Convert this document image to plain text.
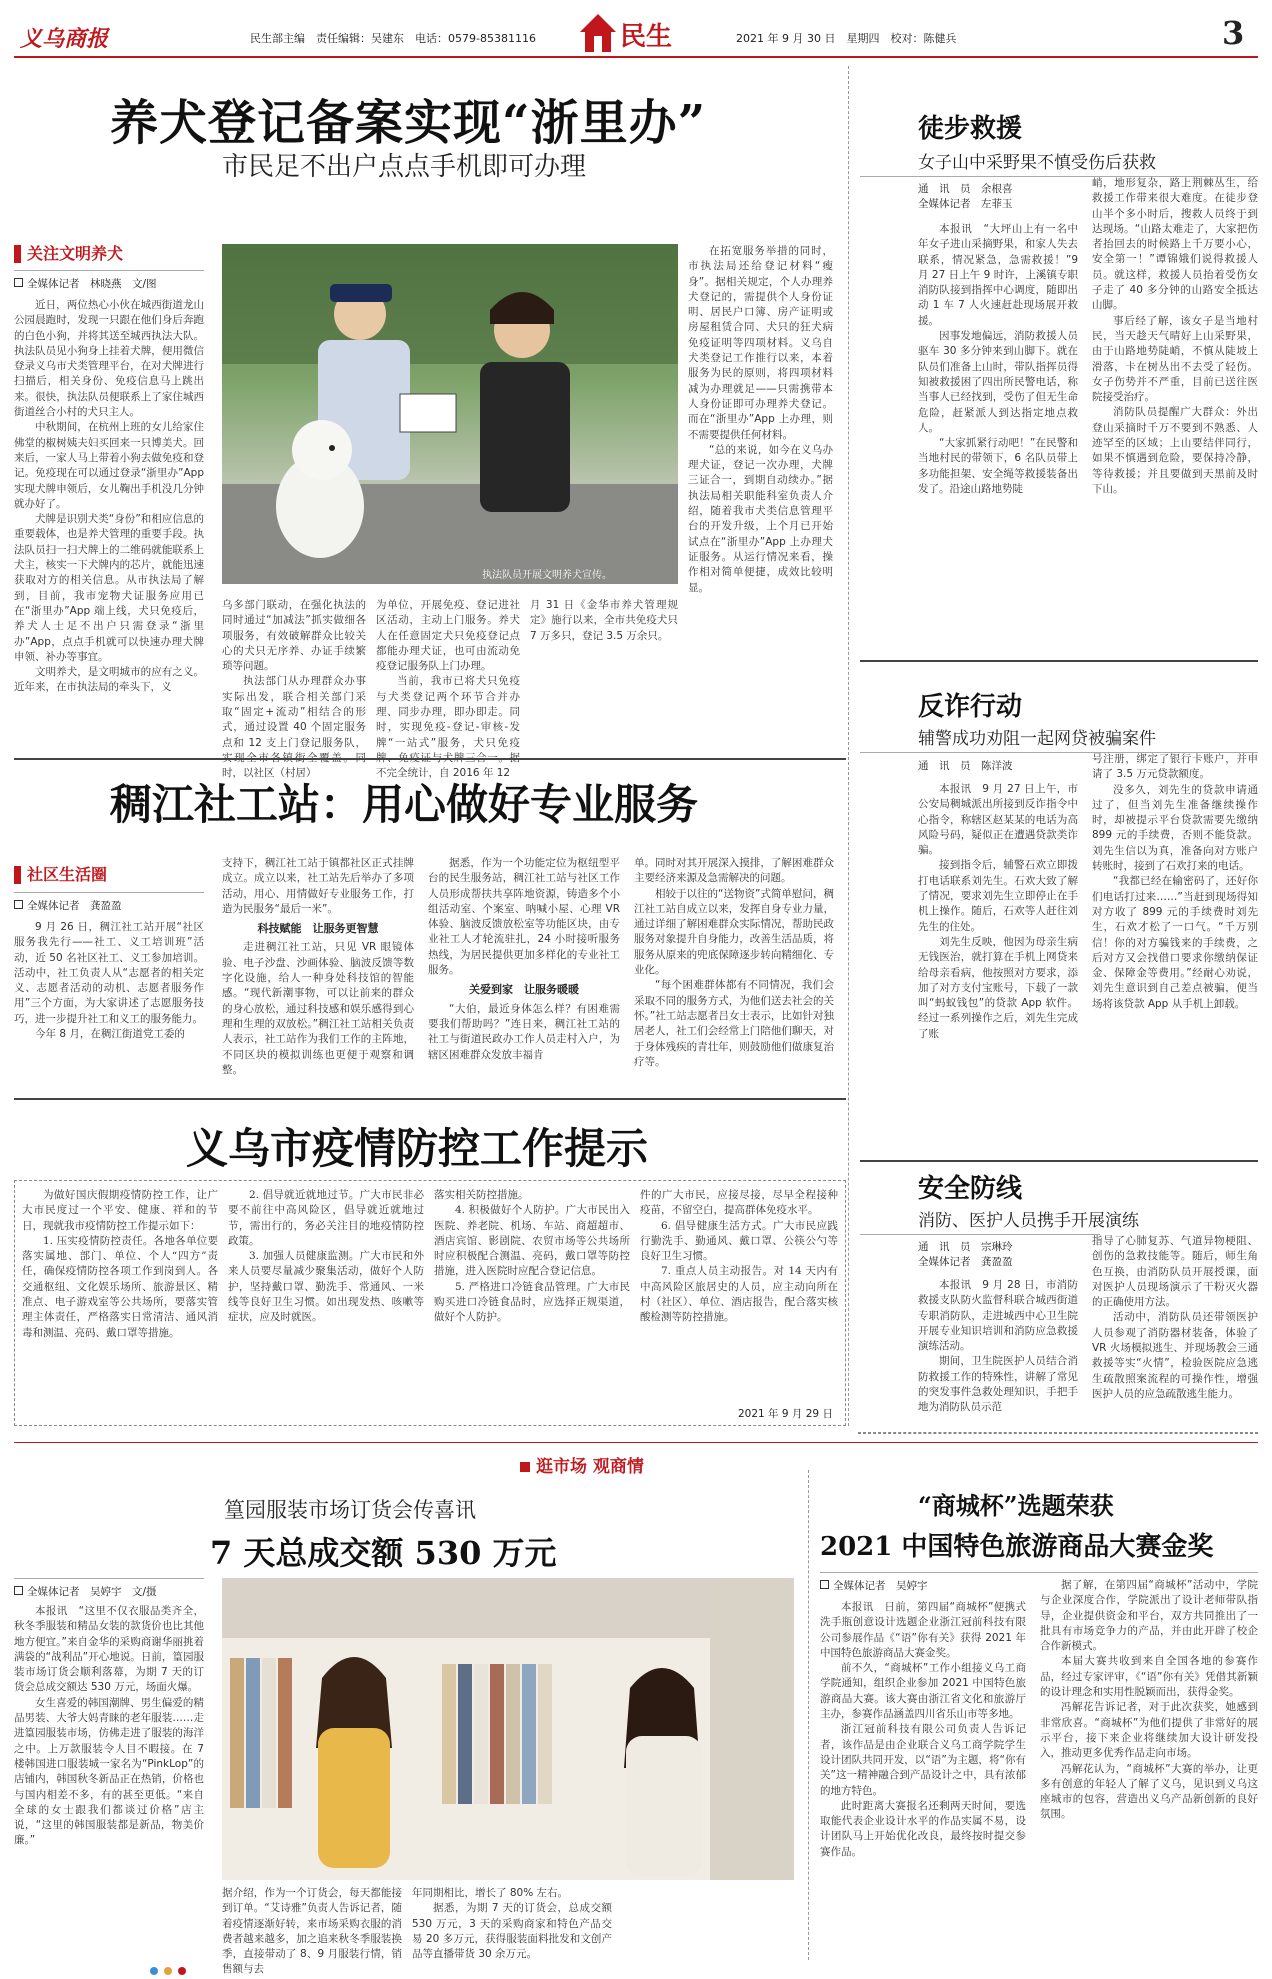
义乌商报	民生部主编　责任编辑：吴建东　电话：0579-85381116	民生	2021 年 9 月 30 日　星期四　校对：陈健兵	3
养犬登记备案实现“浙里办”
市民足不出户点点手机即可办理
关注文明养犬
全媒体记者　林晓燕　文/图

近日，两位热心小伙在城西街道龙山公园晨跑时，发现一只跟在他们身后奔跑的白色小狗，并将其送至城西执法大队。执法队员见小狗身上挂着犬牌，便用微信登录义乌市犬类管理平台，在对犬牌进行扫描后，相关身份、免疫信息马上跳出来。很快，执法队员便联系上了家住城西街道丝合小村的犬只主人。

中秋期间，在杭州上班的女儿给家住佛堂的椒树姨夫妇买回来一只博美犬。回来后，一家人马上带着小狗去做免疫和登记。免疫现在可以通过登录“浙里办”App 实现犬牌申领后，女儿鞠出手机没几分钟就办好了。

犬牌是识别犬类“身份”和相应信息的重要载体，也是养犬管理的重要手段。执法队员扫一扫犬牌上的二维码就能联系上犬主，核实一下犬牌内的芯片，就能迅速获取对方的相关信息。从市执法局了解到，目前，我市宠物犬证服务应用已在“浙里办”App 端上线，犬只免疫后，养犬人士足不出户只需登录“浙里办”App，点点手机就可以快速办理犬牌申领、补办等事宜。

文明养犬，是文明城市的应有之义。近年来，在市执法局的牵头下，义

执法队员开展文明养犬宣传。

乌多部门联动，在强化执法的同时通过“加减法”抓实做细各项服务，有效破解群众比较关心的犬只无序养、办证手续繁琐等问题。

执法部门从办理群众办事实际出发，联合相关部门采取“固定+流动”相结合的形式，通过设置 40 个固定服务点和 12 支上门登记服务队，实现全市各镇街全覆盖。同时，以社区（村居）

为单位，开展免疫、登记进社区活动，主动上门服务。养犬人在任意固定犬只免疫登记点都能办理犬证，也可由流动免疫登记服务队上门办理。

当前，我市已将犬只免疫与犬类登记两个环节合并办理、同步办理，即办即走。同时，实现免疫-登记-审核-发牌“一站式”服务，犬只免疫牌、免疫证与犬牌三合一。据不完全统计，自 2016 年 12

月 31 日《金华市养犬管理规定》施行以来，全市共免疫犬只 7 万多只，登记 3.5 万余只。

在拓宽服务举措的同时，市执法局还给登记材料“瘦身”。据相关规定，个人办理养犬登记的，需提供个人身份证明、居民户口簿、房产证明或房屋租赁合同、犬只的狂犬病免疫证明等四项材料。义乌自犬类登记工作推行以来，本着服务为民的原则，将四项材料减为办理就足——只需携带本人身份证即可办理养犬登记。而在“浙里办”App 上办理，则不需要提供任何材料。

“总的来说，如今在义乌办理犬证，登记一次办理，犬牌三证合一，到期自动续办。”据执法局相关职能科室负责人介绍，随着我市犬类信息管理平台的开发升级，上个月已开始试点在“浙里办”App 上办理犬证服务。从运行情况来看，操作相对简单便捷，成效比较明显。

徒步救援
女子山中采野果不慎受伤后获救
通　讯　员　余根喜
全媒体记者　左菲玉

本报讯　“大坪山上有一名中年女子进山采摘野果，和家人失去联系，情况紧急，急需救援！”9 月 27 日上午 9 时许，上溪镇专职消防队接到指挥中心调度，随即出动 1 车 7 人火速赶赴现场展开救援。

因事发地偏远，消防救援人员驱车 30 多分钟来到山脚下。就在队员们准备上山时，带队指挥员得知被救援困了四出所民警电话，称当事人已经找到，受伤了但无生命危险，赶紧派人到达指定地点救人。

“大家抓紧行动吧！”在民警和当地村民的带领下，6 名队员带上多功能担架、安全绳等救援装备出发了。沿途山路地势陡

峭，地形复杂，路上荆棘丛生，给救援工作带来很大难度。在徒步登山半个多小时后，搜救人员终于到达现场。“山路太难走了，大家把伤者抬回去的时候路上千万要小心，安全第一！”谭锦娥们说得救援人员。就这样，救援人员抬着受伤女子走了 40 多分钟的山路安全抵达山脚。

事后经了解，该女子是当地村民，当天趁天气晴好上山采野果，由于山路地势陡峭，不慎从陡坡上滑落，卡在树丛出不去受了轻伤。女子伤势并不严重，目前已送往医院接受治疗。

消防队员提醒广大群众：外出登山采摘时千万不要到不熟悉、人迹罕至的区域；上山要结伴同行，如果不慎遇到危险，要保持冷静，等待救援；并且要做到天黑前及时下山。

反诈行动
辅警成功劝阻一起网贷被骗案件
通　讯　员　陈洋波

本报讯　9 月 27 日上午，市公安局稠城派出所接到反诈指令中心指令，称辖区赵某某的电话为高风险号码，疑似正在遭遇贷款类诈骗。

接到指令后，辅警石欢立即拨打电话联系刘先生。石欢大致了解了情况，要求刘先生立即停止在手机上操作。随后，石欢等人赶往刘先生的住处。

刘先生反映，他因为母亲生病无钱医治，就打算在手机上网贷来给母亲看病，他按照对方要求，添加了对方支付宝账号，下载了一款叫“蚂蚁钱包”的贷款 App 软件。经过一系列操作之后，刘先生完成了账

号注册，绑定了银行卡账户，并申请了 3.5 万元贷款额度。

没多久，刘先生的贷款申请通过了，但当刘先生准备继续操作时，却被提示平台贷款需要先缴纳 899 元的手续费，否则不能贷款。刘先生信以为真，准备向对方账户转账时，接到了石欢打来的电话。

“我都已经在输密码了，还好你们电话打过来……”当赶到现场得知对方收了 899 元的手续费时刘先生，石欢才松了一口气。“千万别信！你的对方骗钱来的手续费，之后对方又会找借口要求你缴纳保证金、保障金等费用。”经耐心劝说，刘先生意识到自己差点被骗，便当场将该贷款 App 从手机上卸载。

安全防线
消防、医护人员携手开展演练
通　讯　员　宗琳玲
全媒体记者　龚盈盈

本报讯　9 月 28 日，市消防救援支队防火监督科联合城西街道专职消防队，走进城西中心卫生院开展专业知识培训和消防应急救援演练活动。

期间，卫生院医护人员结合消防救援工作的特殊性，讲解了常见的突发事件急救处理知识，手把手地为消防队员示范

指导了心肺复苏、气道异物梗阻、创伤的急救技能等。随后，师生角色互换，由消防队员开展授课，面对医护人员现场演示了干粉灭火器的正确使用方法。

活动中，消防队员还带领医护人员参观了消防器材装备，体验了 VR 火场模拟逃生、并现场教会三通救援等实“火情”，检验医院应急逃生疏散照案流程的可操作性，增强医护人员的应急疏散逃生能力。

稠江社工站：用心做好专业服务
社区生活圈
全媒体记者　龚盈盈

9 月 26 日，稠江社工站开展“社区服务我先行——社工、义工培训班”活动，近 50 名社区社工、义工参加培训。活动中，社工负责人从“志愿者的相关定义、志愿者活动的动机、志愿者服务作用”三个方面，为大家讲述了志愿服务技巧，进一步提升社工和义工的服务能力。

今年 8 月，在稠江街道党工委的

支持下，稠江社工站于镇都社区正式挂牌成立。成立以来，社工站先后举办了多项活动，用心、用情做好专业服务工作，打造为民服务“最后一米”。

科技赋能　让服务更智慧

走进稠江社工站，只见 VR 眼镜体验、电子沙盘、沙画体验、脑波反馈等数字化设施，给人一种身处科技馆的智能感。“现代新潮事物，可以让前来的群众的身心放松，通过科技感和娱乐感得到心理和生理的双放松。”稠江社工站相关负责人表示，社工站作为我们工作的主阵地，不同区块的模拟训练也更便于观察和调整。

据悉，作为一个功能定位为枢纽型平台的民生服务站，稠江社工站与社区工作人员形成帮扶共享阵地资源，铸造多个小组活动室、个案室、呐喊小屋、心理 VR 体验、脑波反馈放松室等功能区块，由专业社工人才轮流驻扎，24 小时接听服务热线，为居民提供更加多样化的专业社工服务。

关爱到家　让服务暖暖

“大伯，最近身体怎么样？有困难需要我们帮助吗？”连日来，稠江社工站的社工与街道民政办工作人员走村入户，为辖区困难群众发放丰福肯

单。同时对其开展深入摸排，了解困难群众主要经济来源及急需解决的问题。

相较于以往的“送物资”式简单慰问，稠江社工站自成立以来，发挥自身专业力量，通过详细了解困难群众实际情况，帮助民政服务对象提升自身能力，改善生活品质，将服务从原来的兜底保障逐步转向精细化、专业化。

“每个困难群体都有不同情况，我们会采取不同的服务方式，为他们送去社会的关怀。”社工站志愿者吕女士表示，比如针对独居老人，社工们会经常上门陪他们聊天，对于身体残疾的青壮年，则鼓励他们做康复治疗等。

义乌市疫情防控工作提示

为做好国庆假期疫情防控工作，让广大市民度过一个平安、健康、祥和的节日，现就我市疫情防控工作提示如下：

1. 压实疫情防控责任。各地各单位要落实属地、部门、单位、个人“四方”责任，确保疫情防控各项工作到岗到人。各交通枢纽、文化娱乐场所、旅游景区、精准点、电子游戏室等公共场所，要落实管理主体责任，严格落实日常清洁、通风消毒和测温、亮码、戴口罩等措施。

2. 倡导就近就地过节。广大市民非必要不前往中高风险区，倡导就近就地过节，需出行的，务必关注目的地疫情防控政策。

3. 加强人员健康监测。广大市民和外来人员要尽量减少聚集活动，做好个人防护，坚持戴口罩、勤洗手、常通风、一米线等良好卫生习惯。如出现发热、咳嗽等症状，应及时就医。

落实相关防控措施。

4. 积极做好个人防护。广大市民出入医院、养老院、机场、车站、商超超市、酒店宾馆、影剧院、农贸市场等公共场所时应积极配合测温、亮码，戴口罩等防控措施，进入医院时应配合登记信息。

5. 严格进口冷链食品管理。广大市民购买进口冷链食品时，应选择正规渠道，做好个人防护。

件的广大市民，应接尽接，尽早全程接种疫苗，不留空白，提高群体免疫水平。

6. 倡导健康生活方式。广大市民应践行勤洗手、勤通风、戴口罩、公筷公勺等良好卫生习惯。

7. 重点人员主动报告。对 14 天内有中高风险区旅居史的人员，应主动向所在村（社区）、单位、酒店报告，配合落实核酸检测等防控措施。

2021 年 9 月 29 日
逛市场 观商情
篁园服装市场订货会传喜讯
7 天总成交额 530 万元
全媒体记者　吴婷宇　文/摄

本报讯　“这里不仅衣服品类齐全，秋冬季服装和精品女装的款货价也比其他地方便宜。”来自金华的采购商谢华丽挑着满袋的“战利品”开心地说。日前，篁园服装市场订货会顺利落幕，为期 7 天的订货会总成交额达 530 万元，场面火爆。

女生喜爱的韩国潮牌、男生偏爱的精品男装、大爷大妈青睐的老年服装……走进篁园服装市场，仿佛走进了服装的海洋之中。上万款服装令人目不暇接。在 7 楼韩国进口服装城一家名为“PinkLop”的店铺内，韩国秋冬新品正在热销，价格也与国内相差不多，有的甚至更低。“来自全球的女士跟我们都谈过价格”店主说，“这里的韩国服装都是新品，物美价廉。”

据介绍，作为一个订货会，每天都能接到订单。“艾诗雅”负责人告诉记者，随着疫情逐渐好转，来市场采购衣服的消费者越来越多，加之追来秋冬季服装换季，直接带动了 8、9 月服装行情，销售额与去

年同期相比，增长了 80% 左右。

据悉，为期 7 天的订货会，总成交额 530 万元，3 天的采购商家和特色产品交易 20 多万元，获得服装面料批发和文创产品等直播带货 30 余万元。

“商城杯”选题荣获
2021 中国特色旅游商品大赛金奖
全媒体记者　吴婷宇

本报讯　日前，第四届“商城杯”便携式洗手瓶创意设计选题企业浙江冠前科技有限公司参展作品《“语”你有关》获得 2021 年中国特色旅游商品大赛金奖。

前不久，“商城杯”工作小组接义乌工商学院通知，组织企业参加 2021 中国特色旅游商品大赛。该大赛由浙江省文化和旅游厅主办，参赛作品涵盖四川省乐山市等多地。

浙江冠前科技有限公司负责人告诉记者，该作品是由企业联合义乌工商学院学生设计团队共同开发，以“语”为主题，将“你有关”这一精神融合到产品设计之中，具有浓郁的地方特色。

此时距离大赛报名还剩两天时间，要选取能代表企业设计水平的作品实属不易，设计团队马上开始优化改良，最终按时提交参赛作品。

据了解，在第四届“商城杯”活动中，学院与企业深度合作，学院派出了设计老师带队指导，企业提供资金和平台，双方共同推出了一批具有市场竞争力的产品，并由此开辟了校企合作新模式。

本届大赛共收到来自全国各地的参赛作品，经过专家评审，《“语”你有关》凭借其新颖的设计理念和实用性脱颖而出，获得金奖。

冯解花告诉记者，对于此次获奖，她感到非常欣喜。“商城杯”为他们提供了非常好的展示平台，接下来企业将继续加大设计研发投入，推动更多优秀作品走向市场。

冯解花认为，“商城杯”大赛的举办，让更多有创意的年轻人了解了义乌，见识到义乌这座城市的包容，营造出义乌产品新创新的良好氛围。
